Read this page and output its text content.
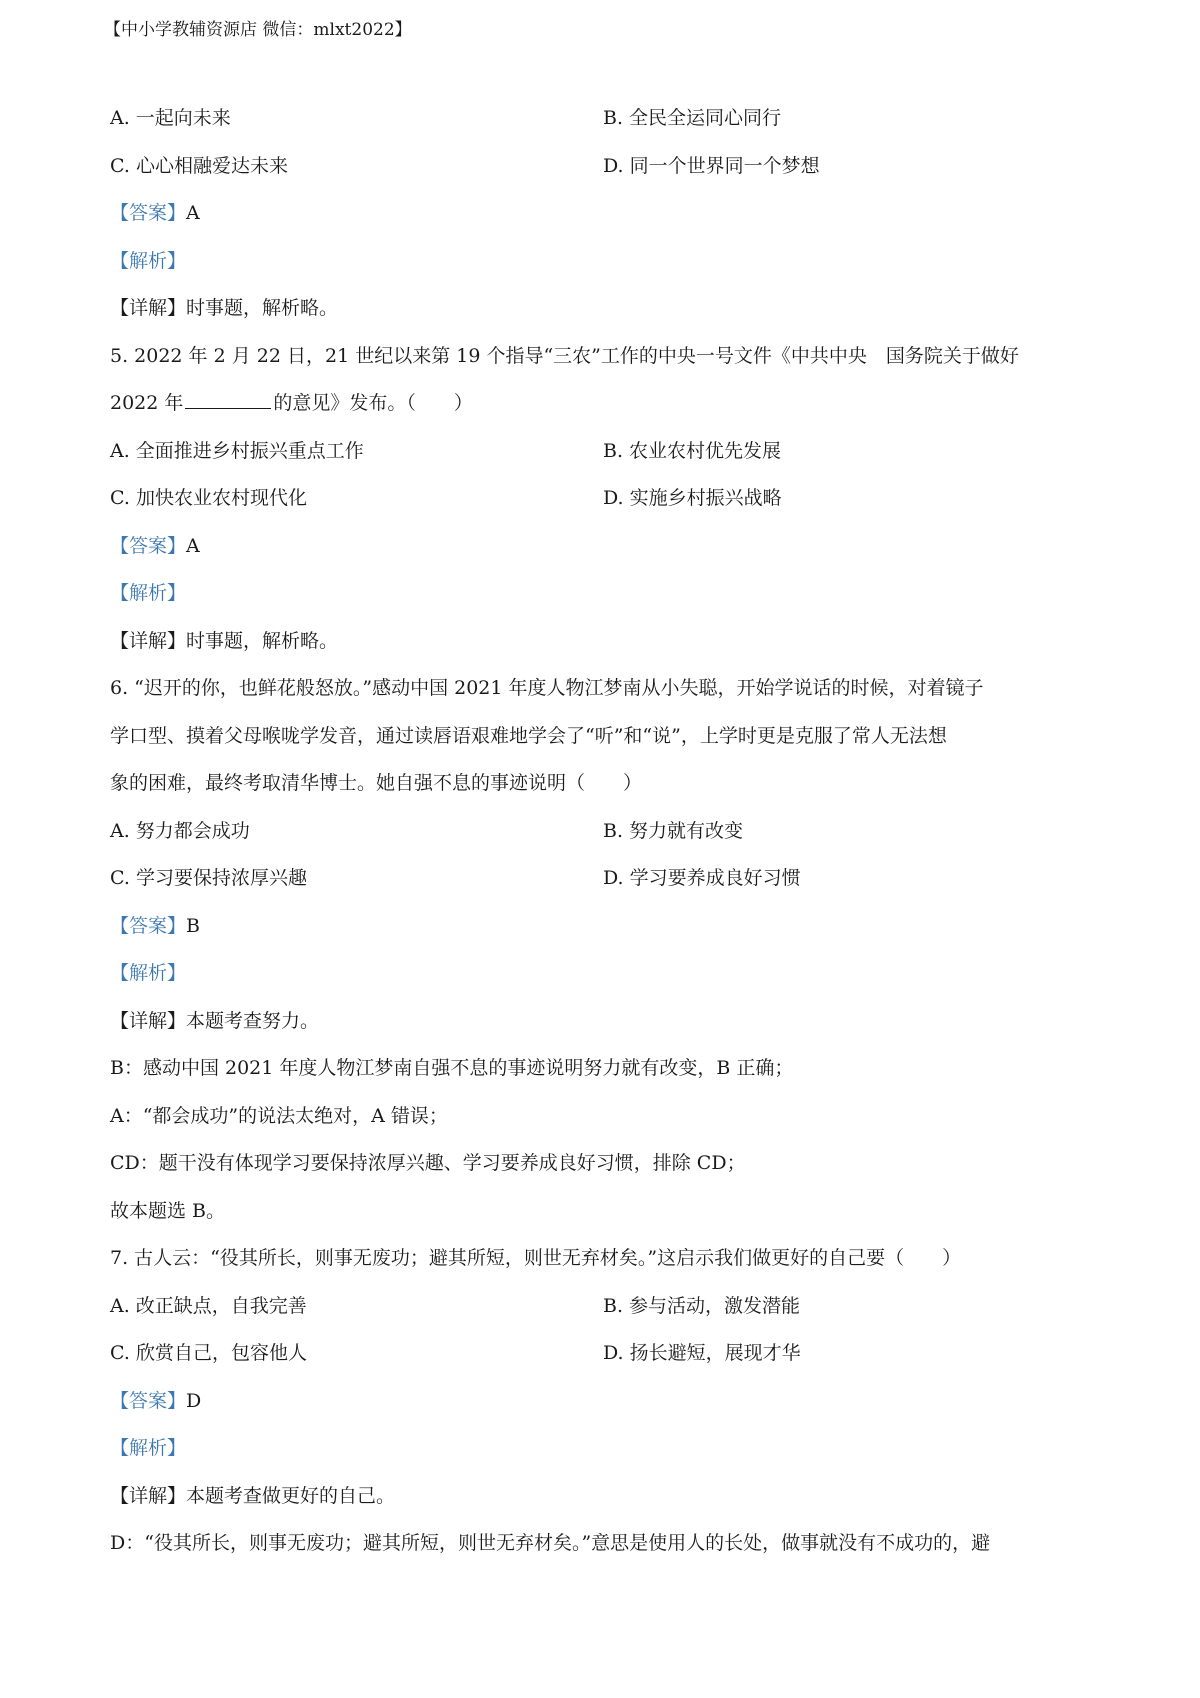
【中小学教辅资源店 微信：mlxt2022】
A. 一起向未来	B. 全民全运同心同行
C. 心心相融爱达未来	D. 同一个世界同一个梦想
【答案】A
【解析】
【详解】时事题，解析略。
5. 2022 年 2 月 22 日，21 世纪以来第 19 个指导“三农”工作的中央一号文件《中共中央　国务院关于做好
2022 年	的意见》发布。（　　）
A. 全面推进乡村振兴重点工作	B. 农业农村优先发展
C. 加快农业农村现代化	D. 实施乡村振兴战略
【答案】A
【解析】
【详解】时事题，解析略。
6. “迟开的你，也鲜花般怒放。”感动中国 2021 年度人物江梦南从小失聪，开始学说话的时候，对着镜子
学口型、摸着父母喉咙学发音，通过读唇语艰难地学会了“听”和“说”，上学时更是克服了常人无法想
象的困难，最终考取清华博士。她自强不息的事迹说明（　　）
A. 努力都会成功	B. 努力就有改变
C. 学习要保持浓厚兴趣	D. 学习要养成良好习惯
【答案】B
【解析】
【详解】本题考查努力。
B：感动中国 2021 年度人物江梦南自强不息的事迹说明努力就有改变，B 正确；
A：“都会成功”的说法太绝对，A 错误；
CD：题干没有体现学习要保持浓厚兴趣、学习要养成良好习惯，排除 CD；
故本题选 B。
7. 古人云：“役其所长，则事无废功；避其所短，则世无弃材矣。”这启示我们做更好的自己要（　　）
A. 改正缺点，自我完善	B. 参与活动，激发潜能
C. 欣赏自己，包容他人	D. 扬长避短，展现才华
【答案】D
【解析】
【详解】本题考查做更好的自己。
D：“役其所长，则事无废功；避其所短，则世无弃材矣。”意思是使用人的长处，做事就没有不成功的，避
